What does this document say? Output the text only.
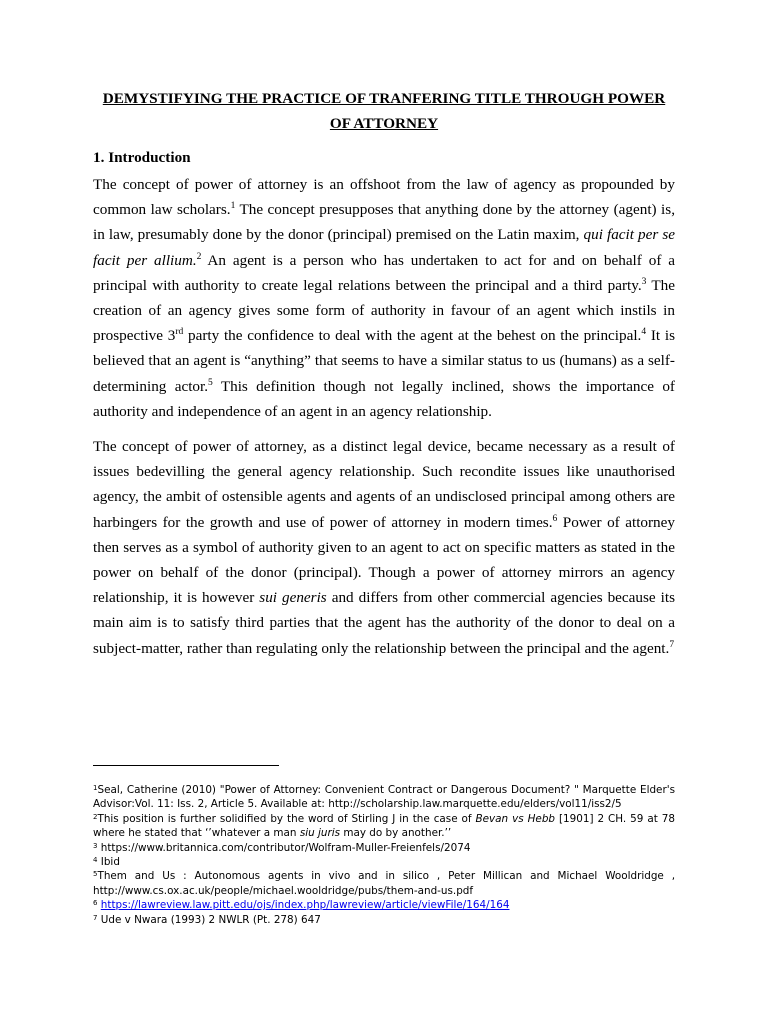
DEMYSTIFYING THE PRACTICE OF TRANFERING TITLE THROUGH POWER OF ATTORNEY
1. Introduction
The concept of power of attorney is an offshoot from the law of agency as propounded by common law scholars.$^1$ The concept presupposes that anything done by the attorney (agent) is, in law, presumably done by the donor (principal) premised on the Latin maxim, qui facit per se facit per allium.$^2$ An agent is a person who has undertaken to act for and on behalf of a principal with authority to create legal relations between the principal and a third party.$^3$ The creation of an agency gives some form of authority in favour of an agent which instils in prospective 3rd party the confidence to deal with the agent at the behest on the principal.$^4$ It is believed that an agent is “anything” that seems to have a similar status to us (humans) as a self-determining actor.$^5$ This definition though not legally inclined, shows the importance of authority and independence of an agent in an agency relationship.
The concept of power of attorney, as a distinct legal device, became necessary as a result of issues bedevilling the general agency relationship. Such recondite issues like unauthorised agency, the ambit of ostensible agents and agents of an undisclosed principal among others are harbingers for the growth and use of power of attorney in modern times.$^6$ Power of attorney then serves as a symbol of authority given to an agent to act on specific matters as stated in the power on behalf of the donor (principal). Though a power of attorney mirrors an agency relationship, it is however sui generis and differs from other commercial agencies because its main aim is to satisfy third parties that the agent has the authority of the donor to deal on a subject-matter, rather than regulating only the relationship between the principal and the agent.$^7$

$^1$Seal, Catherine (2010) "Power of Attorney: Convenient Contract or Dangerous Document? " Marquette Elder's Advisor:Vol. 11: Iss. 2, Article 5. Available at: http://scholarship.law.marquette.edu/elders/vol11/iss2/5

$^2$This position is further solidified by the word of Stirling J in the case of Bevan vs Hebb [1901] 2 CH. 59 at 78 where he stated that ‘’whatever a man siu juris may do by another.’’

$^3$ https://www.britannica.com/contributor/Wolfram-Muller-Freienfels/2074

$^4$ Ibid

$^5$Them and Us : Autonomous agents in vivo and in silico , Peter Millican and Michael Wooldridge , http://www.cs.ox.ac.uk/people/michael.wooldridge/pubs/them-and-us.pdf

$^6$ https://lawreview.law.pitt.edu/ojs/index.php/lawreview/article/viewFile/164/164

$^7$ Ude v Nwara (1993) 2 NWLR (Pt. 278) 647
